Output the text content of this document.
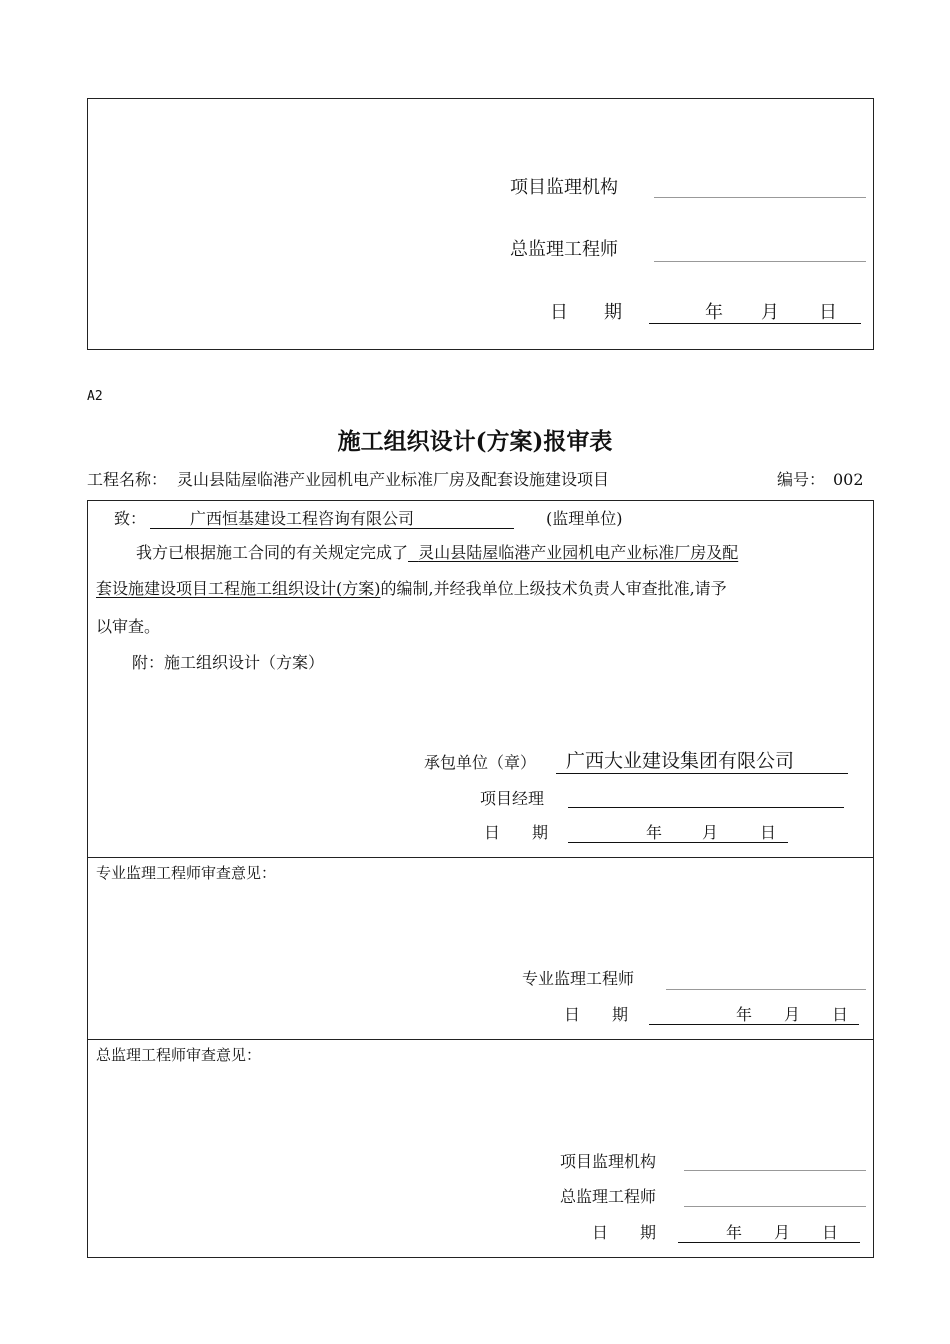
项目监理机构
总监理工程师
日　　期	年 月 日
A2
施工组织设计(方案)报审表
工程名称： 灵山县陆屋临港产业园机电产业标准厂房及配套设施建设项目	编号： 002
致：	广西恒基建设工程咨询有限公司	(监理单位)
我方已根据施工合同的有关规定完成了 灵山县陆屋临港产业园机电产业标准厂房及配
套设施建设项目工程施工组织设计(方案)的编制,并经我单位上级技术负责人审查批准,请予
以审查。
附：施工组织设计（方案）
承包单位（章） 广西大业建设集团有限公司
项目经理
日　　期	年 月	日
专业监理工程师审查意见：
专业监理工程师
日　　期	年 月 日
总监理工程师审查意见：
项目监理机构
总监理工程师
日　　期	年 月 日
